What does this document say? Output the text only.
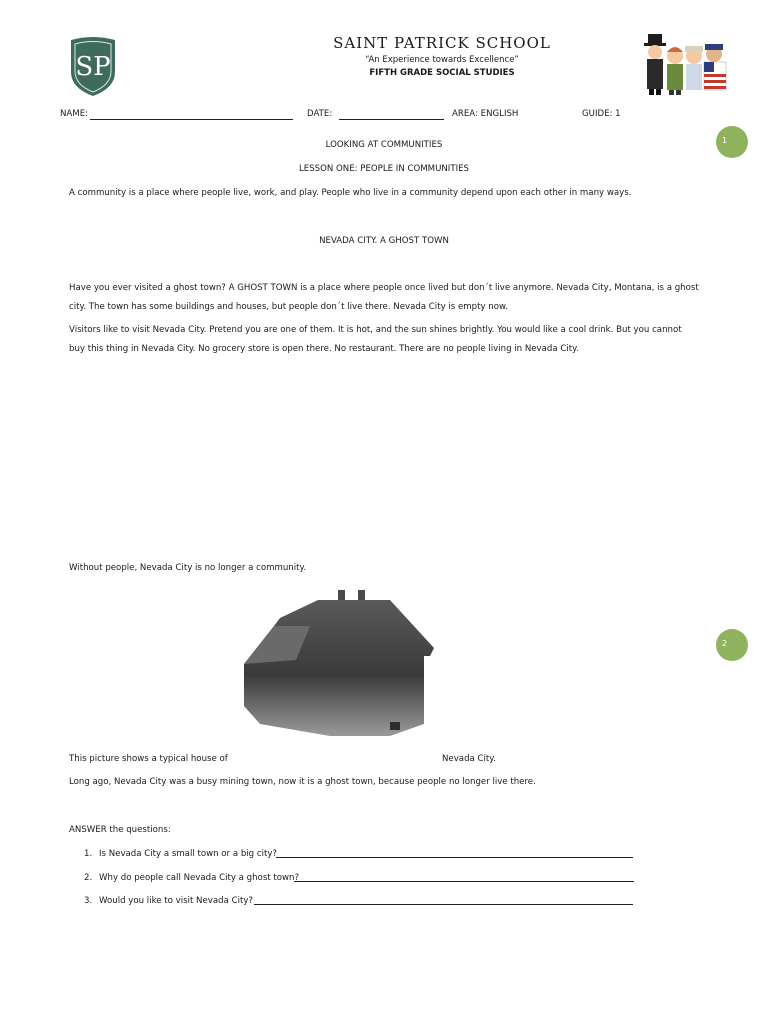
SP
SAINT PATRICK SCHOOL
“An Experience towards Excellence”
FIFTH GRADE SOCIAL STUDIES
NAME:	DATE:	AREA: ENGLISH	GUIDE: 1
1
2
LOOKING AT COMMUNITIES
LESSON ONE: PEOPLE IN COMMUNITIES
A community is a place where people live, work, and play. People who live in a community depend upon each other in many ways.
NEVADA CITY. A GHOST TOWN
Have you ever visited a ghost town? A GHOST TOWN is a place where people once lived but don´t live anymore. Nevada City, Montana, is a ghost city. The town has some buildings and houses, but people don´t live there. Nevada City is empty now.
Visitors like to visit Nevada City. Pretend you are one of them. It is hot, and the sun shines brightly. You would like a cool drink. But you cannot buy this thing in Nevada City. No grocery store is open there. No restaurant. There are no people living in Nevada City.
Without people, Nevada City is no longer a community.
This picture shows a typical house of	Nevada City.
Long ago, Nevada City was a busy mining town, now it is a ghost town, because people no longer live there.
ANSWER the questions:
1. Is Nevada City a small town or a big city?
2. Why do people call Nevada City a ghost town?
3. Would you like to visit Nevada City?
